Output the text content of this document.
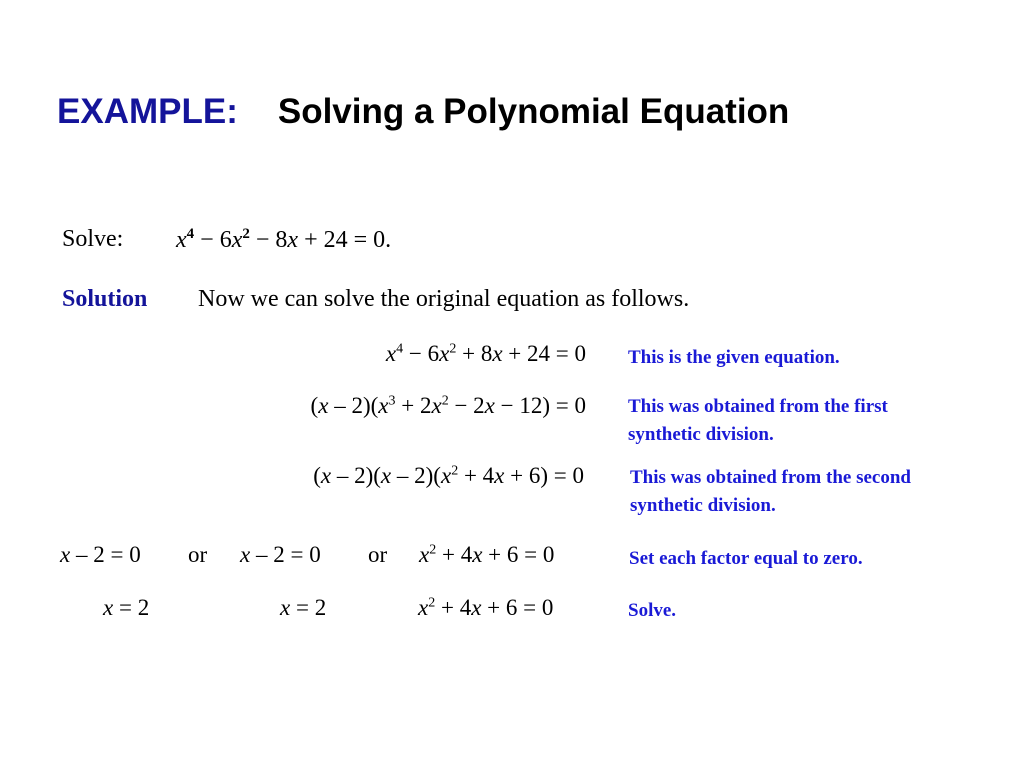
EXAMPLE: Solving a Polynomial Equation
Solve: $x^4 - 6x^2 - 8x + 24 = 0$.
Solution Now we can solve the original equation as follows.
$x^4 - 6x^2 + 8x + 24 = 0$ This is the given equation.
$(x - 2)(x^3 + 2x^2 - 2x - 12) = 0$ This was obtained from the first
synthetic division.
$(x - 2)(x - 2)(x^2 + 4x + 6) = 0$ This was obtained from the second
synthetic division.
x – 2 = 0 or x – 2 = 0 or $x^2 + 4x + 6 = 0$	Set each factor equal to zero.
x = 2	x = 2	$x^2 + 4x + 6 = 0$	Solve.
